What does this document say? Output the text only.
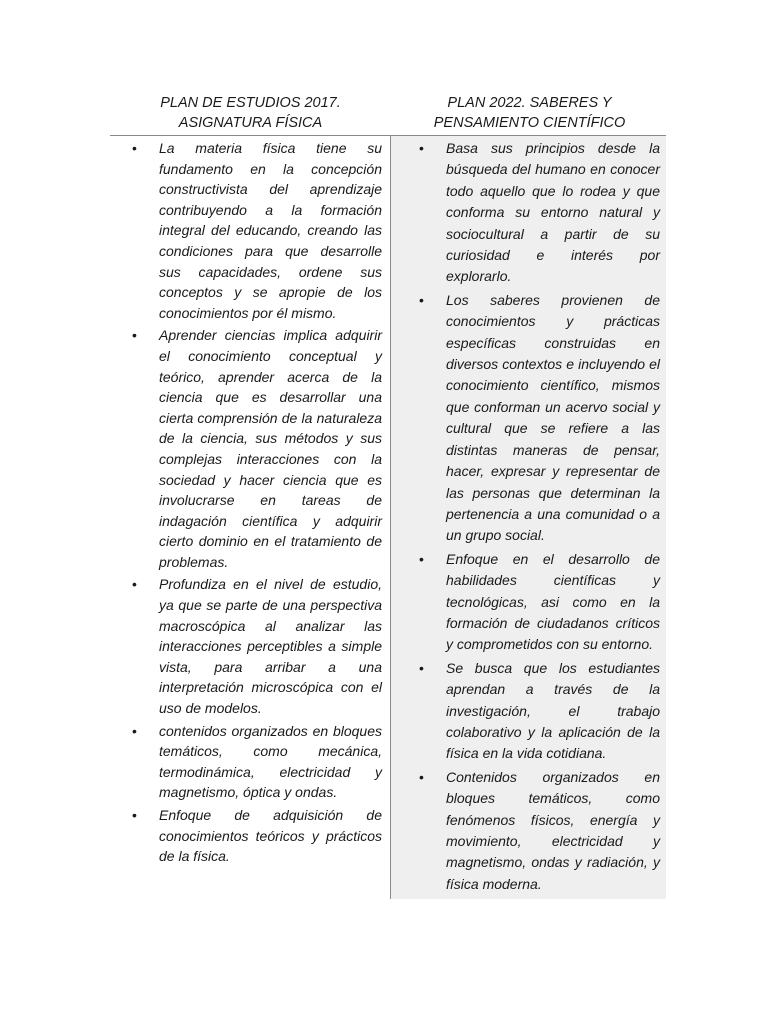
PLAN DE ESTUDIOS 2017. ASIGNATURA FÍSICA
PLAN 2022. SABERES Y PENSAMIENTO CIENTÍFICO
• La materia física tiene su fundamento en la concepción constructivista del aprendizaje contribuyendo a la formación integral del educando, creando las condiciones para que desarrolle sus capacidades, ordene sus conceptos y se apropie de los conocimientos por él mismo.
• Aprender ciencias implica adquirir el conocimiento conceptual y teórico, aprender acerca de la ciencia que es desarrollar una cierta comprensión de la naturaleza de la ciencia, sus métodos y sus complejas interacciones con la sociedad y hacer ciencia que es involucrarse en tareas de indagación científica y adquirir cierto dominio en el tratamiento de problemas.
• Profundiza en el nivel de estudio, ya que se parte de una perspectiva macroscópica al analizar las interacciones perceptibles a simple vista, para arribar a una interpretación microscópica con el uso de modelos.
• contenidos organizados en bloques temáticos, como mecánica, termodinámica, electricidad y magnetismo, óptica y ondas.
• Enfoque de adquisición de conocimientos teóricos y prácticos de la física.
• Basa sus principios desde la búsqueda del humano en conocer todo aquello que lo rodea y que conforma su entorno natural y sociocultural a partir de su curiosidad e interés por explorarlo.
• Los saberes provienen de conocimientos y prácticas específicas construidas en diversos contextos e incluyendo el conocimiento científico, mismos que conforman un acervo social y cultural que se refiere a las distintas maneras de pensar, hacer, expresar y representar de las personas que determinan la pertenencia a una comunidad o a un grupo social.
• Enfoque en el desarrollo de habilidades científicas y tecnológicas, asi como en la formación de ciudadanos críticos y comprometidos con su entorno.
• Se busca que los estudiantes aprendan a través de la investigación, el trabajo colaborativo y la aplicación de la física en la vida cotidiana.
• Contenidos organizados en bloques temáticos, como fenómenos físicos, energía y movimiento, electricidad y magnetismo, ondas y radiación, y física moderna.
